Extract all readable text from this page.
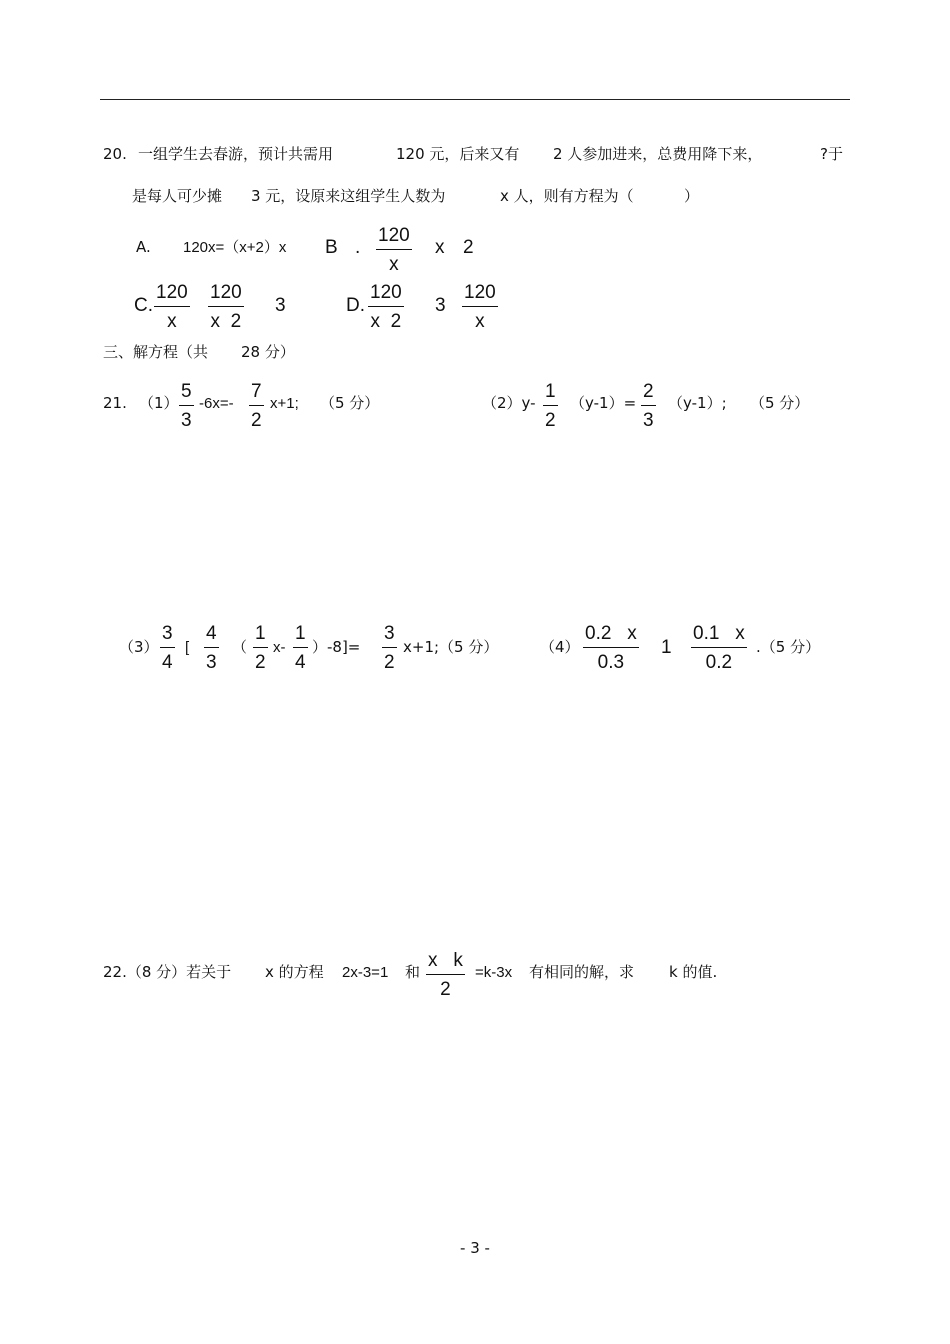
20. 一组学生去春游，预计共需用	120 元，后来又有 2 人参加进来，总费用降下来，	?于
是每人可少摊 3 元，设原来这组学生人数为	x 人，则有方程为（	）
A. 120x=（x+2）x B .
120
x
x 2
C.
120
x
120
x  2
3	D.
120
x  2
3
120
x
三、解方程（共 28 分）
21. （1）
5
3
-6x=-
7
2
x+1; （5 分）	（2）y-
1
2
（y-1）=
2
3
（y-1）; （5 分）
（3）
3
4
[
4
3
（
1
2
x-
1
4
）-8]=
3
2
x+1;（5 分）	（4）
0.2   x
0.3
1
0.1   x
0.2
.（5 分）
22.（8 分）若关于 x 的方程 2x-3=1 和
x   k
2
=k-3x 有相同的解，求 k 的值.
- 3 -
